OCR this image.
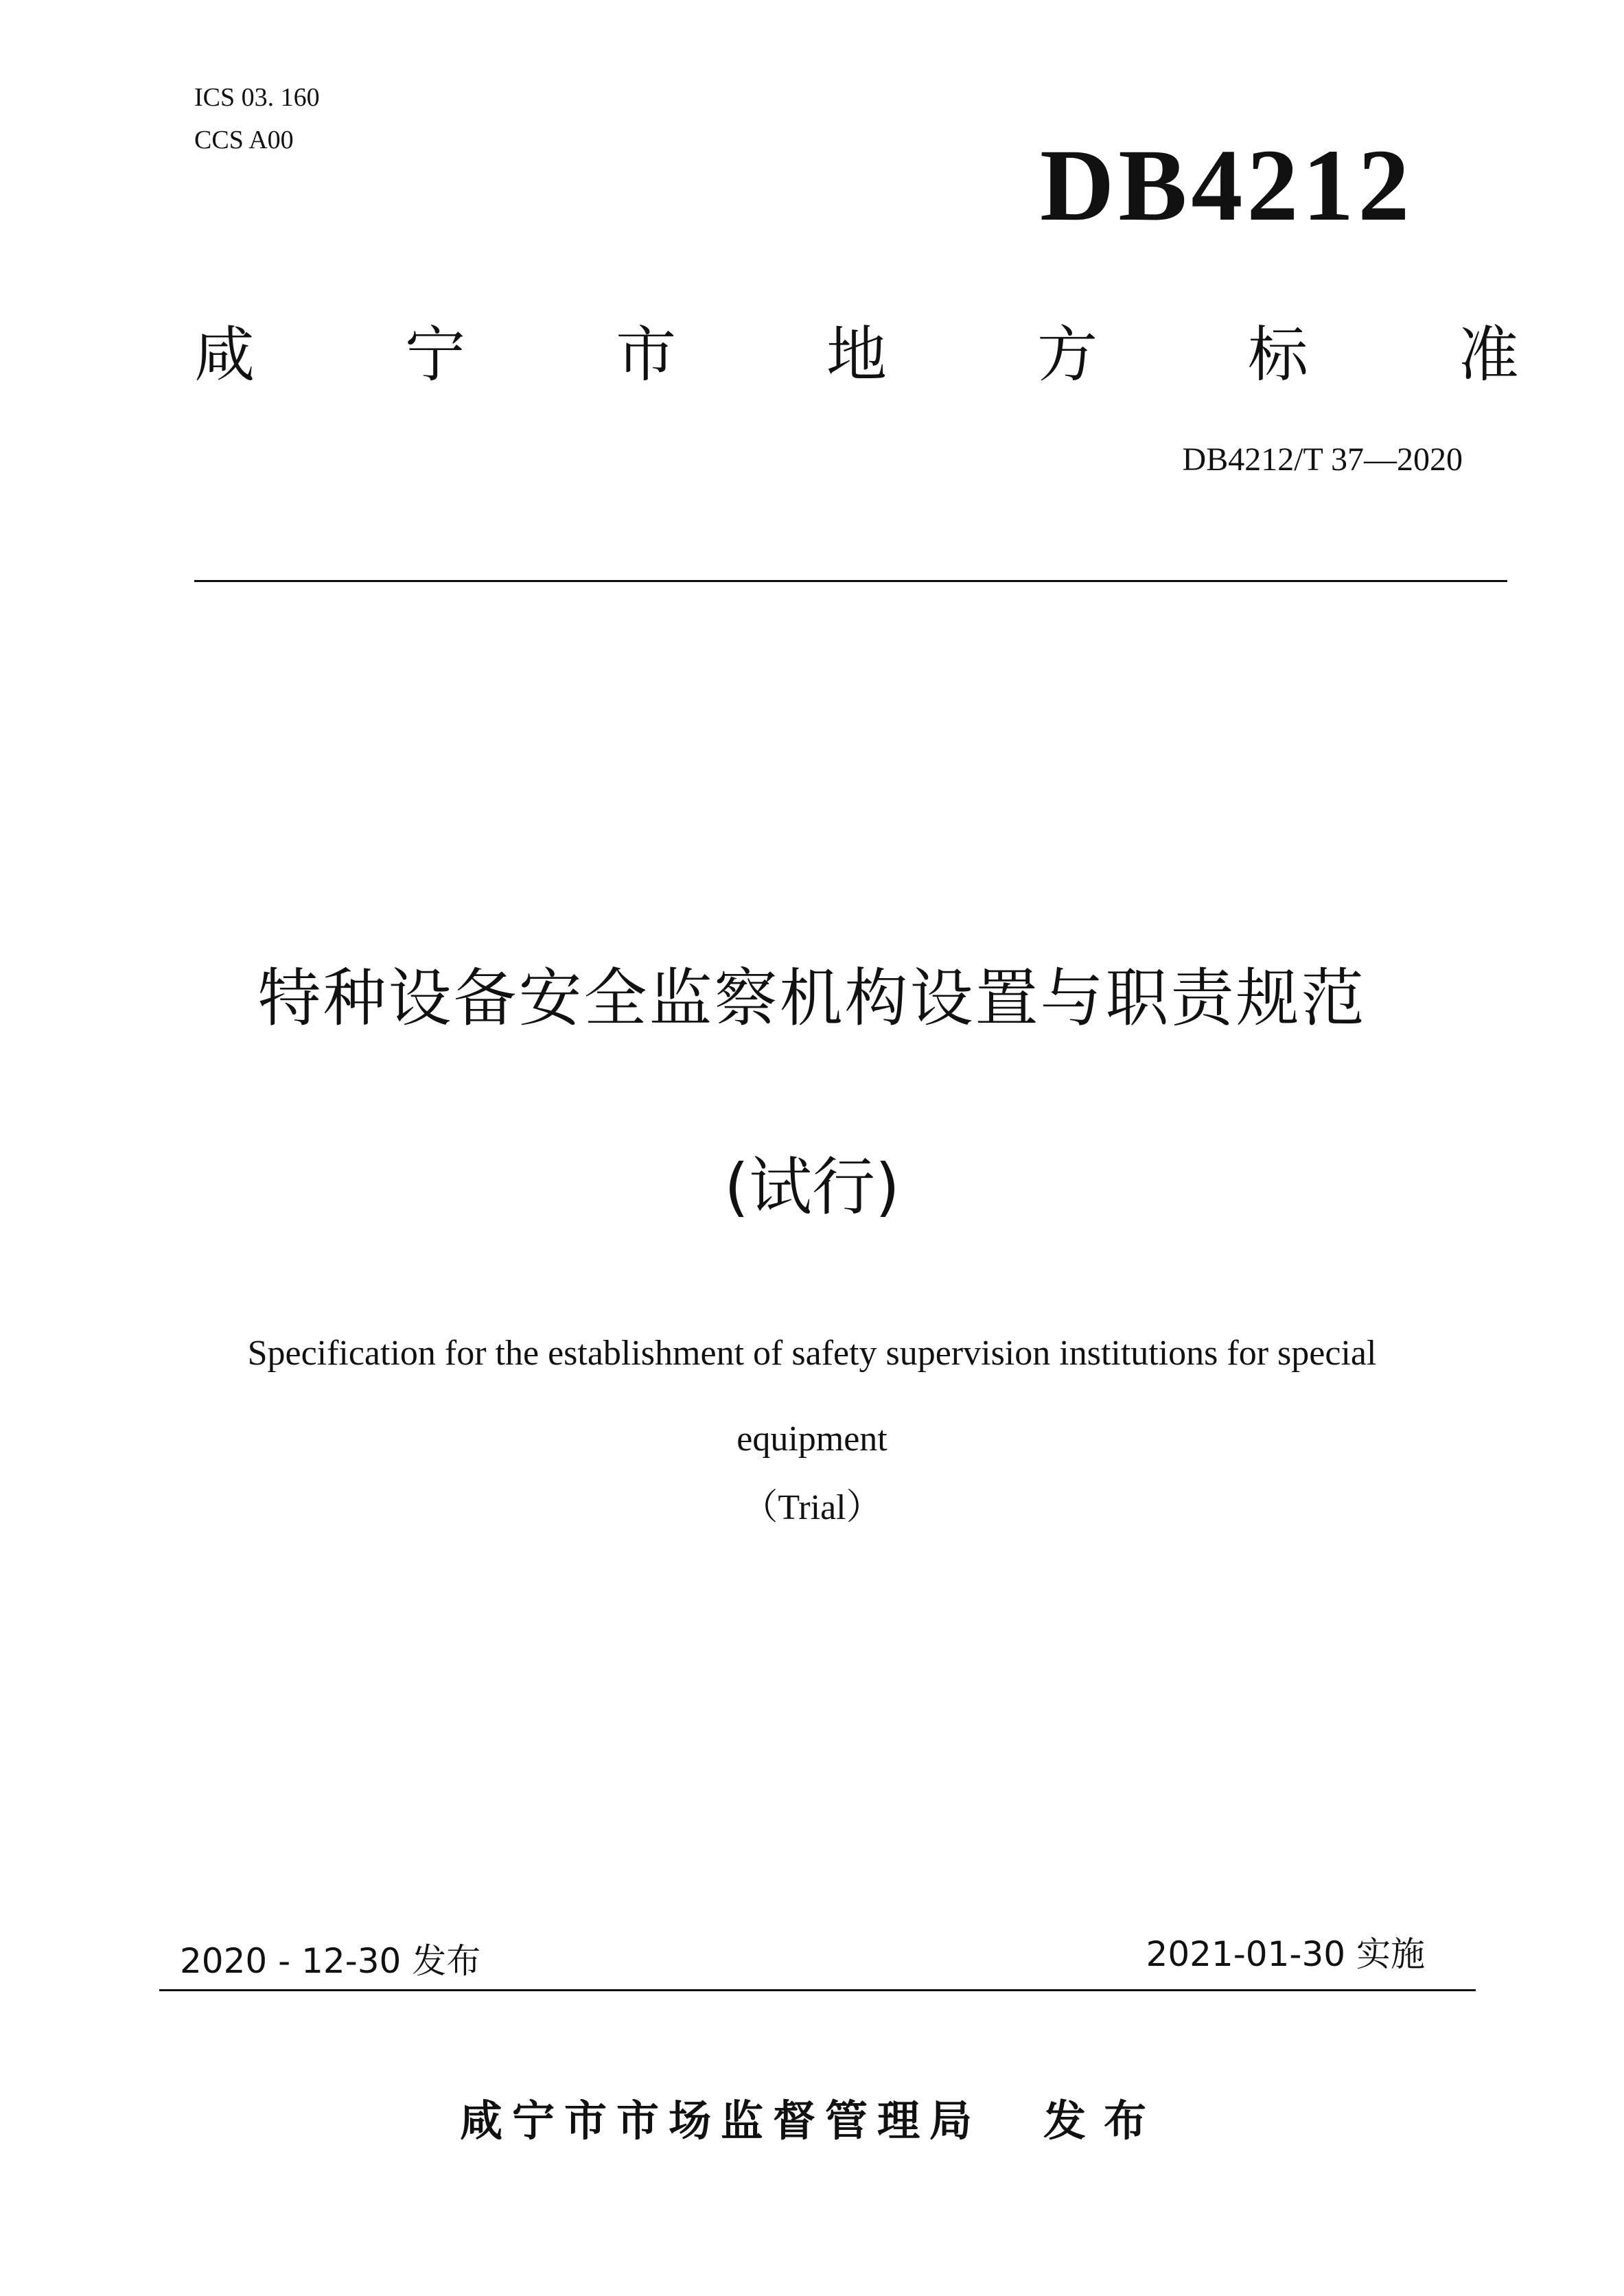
ICS 03. 160
CCS A00	DB4212
咸 宁 市 地 方 标 准
DB4212/T 37—2020
特种设备安全监察机构设置与职责规范
(试行)
Specification for the establishment of safety supervision institutions for special
equipment
（Trial）
2020 - 12-30 发布	2021-01-30 实施
咸宁市市场监督管理局 发布
